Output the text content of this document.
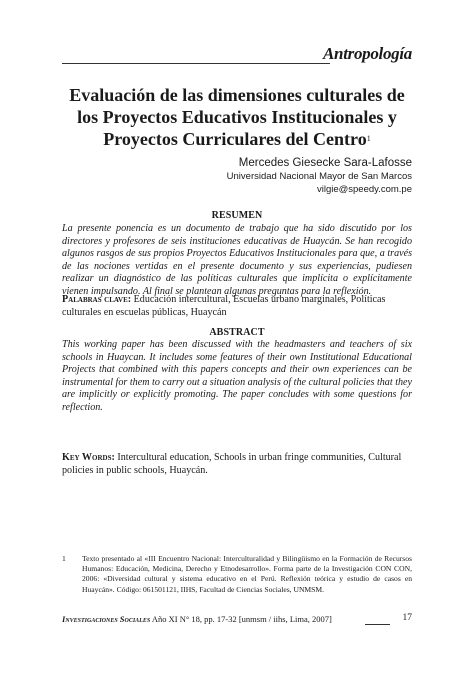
Antropología
Evaluación de las dimensiones culturales de los Proyectos Educativos Institucionales y Proyectos Curriculares del Centro$^1$
Mercedes Giesecke Sara-Lafosse
Universidad Nacional Mayor de San Marcos
vilgie@speedy.com.pe
RESUMEN
La presente ponencia es un documento de trabajo que ha sido discutido por los directores y profesores de seis instituciones educativas de Huaycán. Se han recogido algunos rasgos de sus propios Proyectos Educativos Institucionales para que, a través de las nociones vertidas en el presente documento y sus experiencias, pudiesen realizar un diagnóstico de las políticas culturales que implícita o explícitamente vienen impulsando. Al final se plantean algunas preguntas para la reflexión.
Palabras clave: Educación intercultural, Escuelas urbano marginales, Políticas culturales en escuelas públicas, Huaycán
ABSTRACT
This working paper has been discussed with the headmasters and teachers of six schools in Huaycan. It includes some features of their own Institutional Educational Projects that combined with this papers concepts and their own experiences can be instrumental for them to carry out a situation analysis of the cultural policies that they are implicitly or explicitly promoting. The paper concludes with some questions for reflection.
Key Words: Intercultural education, Schools in urban fringe communities, Cultural policies in public schools, Huaycán.
1 Texto presentado al «III Encuentro Nacional: Interculturalidad y Bilingüismo en la Formación de Recursos Humanos: Educación, Medicina, Derecho y Etnodesarrollo». Forma parte de la Investigación CON CON, 2006: «Diversidad cultural y sistema educativo en el Perú. Reflexión teórica y estudio de casos en Huaycán». Código: 061501121, IIHS, Facultad de Ciencias Sociales, UNMSM.
Investigaciones Sociales Año XI N° 18, pp. 17-32 [unmsm / iihs, Lima, 2007]	17
